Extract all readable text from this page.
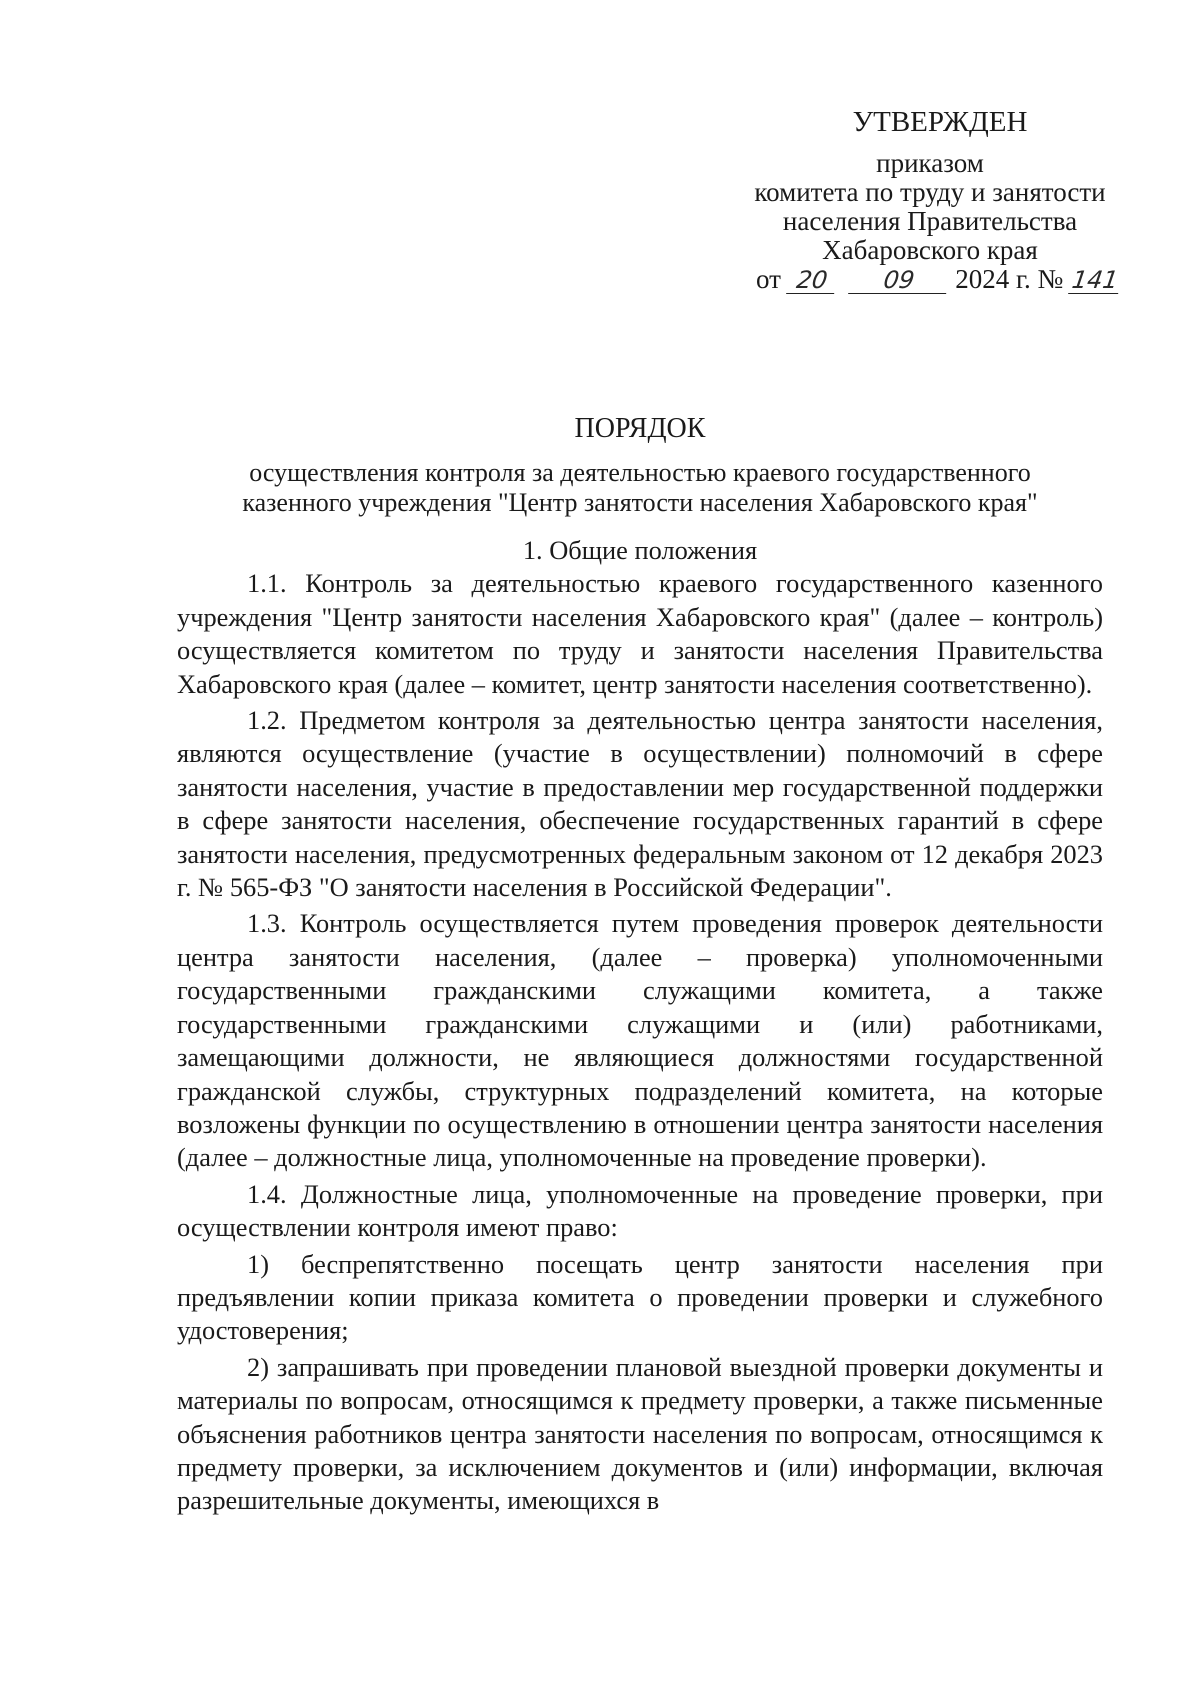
УТВЕРЖДЕН
приказом
комитета по труду и занятости
населения Правительства
Хабаровского края
от 20 09 2024 г. № 141
ПОРЯДОК
осуществления контроля за деятельностью краевого государственного
казенного учреждения "Центр занятости населения Хабаровского края"
1. Общие положения

1.1. Контроль за деятельностью краевого государственного казенного учреждения "Центр занятости населения Хабаровского края" (далее – контроль) осуществляется комитетом по труду и занятости населения Правительства Хабаровского края (далее – комитет, центр занятости населения соответственно).

1.2. Предметом контроля за деятельностью центра занятости населения, являются осуществление (участие в осуществлении) полномочий в сфере занятости населения, участие в предоставлении мер государственной поддержки в сфере занятости населения, обеспечение государственных гарантий в сфере занятости населения, предусмотренных федеральным законом от 12 декабря 2023 г. № 565-ФЗ "О занятости населения в Российской Федерации".

1.3. Контроль осуществляется путем проведения проверок деятельности центра занятости населения, (далее – проверка) уполномоченными государственными гражданскими служащими комитета, а также государственными гражданскими служащими и (или) работниками, замещающими должности, не являющиеся должностями государственной гражданской службы, структурных подразделений комитета, на которые возложены функции по осуществлению в отношении центра занятости населения (далее – должностные лица, уполномоченные на проведение проверки).

1.4. Должностные лица, уполномоченные на проведение проверки, при осуществлении контроля имеют право:

1) беспрепятственно посещать центр занятости населения при предъявлении копии приказа комитета о проведении проверки и служебного удостоверения;

2) запрашивать при проведении плановой выездной проверки документы и материалы по вопросам, относящимся к предмету проверки, а также письменные объяснения работников центра занятости населения по вопросам, относящимся к предмету проверки, за исключением документов и (или) информации, включая разрешительные документы, имеющихся в
